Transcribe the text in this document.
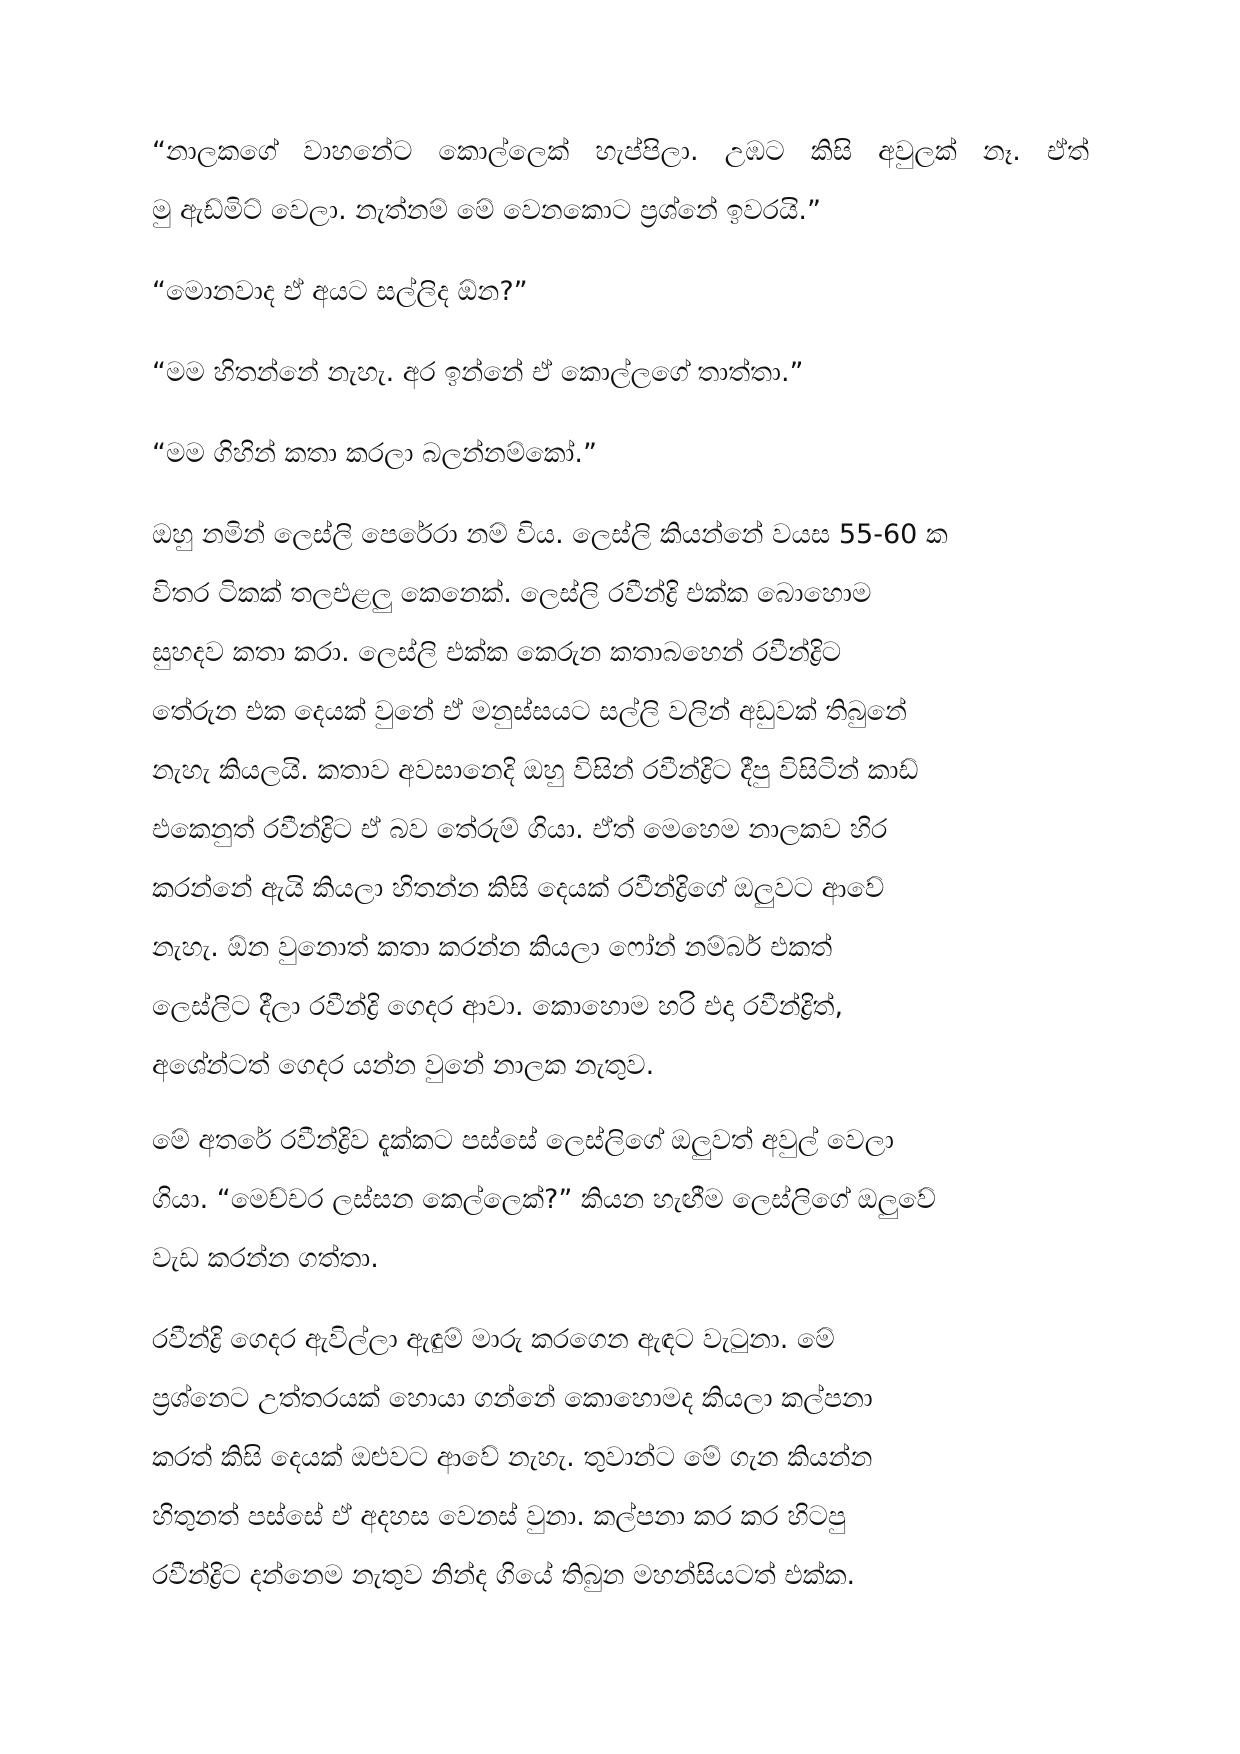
“නාලකගේ වාහනේට කොල්ලෙක් හැප්පිලා. උඹට කිසි අවුලක් නෑ. ඒත්
මු ඇඩ්මිට් වෙලා. නැත්නම් මේ වෙනකොට ප්‍රශ්නේ ඉවරයි.”

“මොනවාද ඒ අයට සල්ලිද ඕන?”

“මම හිතන්නේ නැහැ. අර ඉන්නේ ඒ කොල්ලගේ තාත්තා.”

“මම ගිහින් කතා කරලා බලන්නම්කෝ.”

ඔහු නමින් ලෙස්ලි පෙරේරා නම් විය. ලෙස්ලි කියන්නේ වයස 55-60 ක
විතර ටිකක් තලඑළලු කෙනෙක්. ලෙස්ලි රවීන්ද්‍රි එක්ක බොහොම
සුහදව කතා කරා. ලෙස්ලි එක්ක කෙරුන කතාබහෙන් රවීන්ද්‍රිට
තේරුන එක දෙයක් වුනේ ඒ මනුස්සයට සල්ලි වලින් අඩුවක් තිබුනේ
නැහැ කියලයි. කතාව අවසානෙදි ඔහු විසින් රවීන්ද්‍රිට දීපු විසිටින් කාඩ්
එකෙනුත් රවීන්ද්‍රිට ඒ බව තේරුම් ගියා. ඒත් මෙහෙම නාලකව හිර
කරන්නේ ඇයි කියලා හිතන්න කිසි දෙයක් රවීන්ද්‍රිගේ ඔලුවට ආවේ
නැහැ. ඕන වුනොත් කතා කරන්න කියලා ෆෝන් නම්බර් එකත්
ලෙස්ලිට දීලා රවීන්ද්‍රි ගෙදර ආවා. කොහොම හරි එදා රවීන්ද්‍රිත්,
අශේන්ටත් ගෙදර යන්න වුනේ නාලක නැතුව.

මේ අතරේ රවීන්ද්‍රිව දැක්කට පස්සේ ලෙස්ලිගේ ඔලුවත් අවුල් වෙලා
ගියා. “මෙච්චර ලස්සන කෙල්ලෙක්?” කියන හැඟීම ලෙස්ලිගේ ඔලුවේ
වැඩ කරන්න ගත්තා.

රවීන්ද්‍රි ගෙදර ඇවිල්ලා ඇඳුම් මාරු කරගෙන ඇඳට වැටුනා. මේ
ප්‍රශ්නෙට උත්තරයක් හොයා ගන්නේ කොහොමද කියලා කල්පනා
කරත් කිසි දෙයක් ඔළුවට ආවේ නැහැ. තුවාන්ට මේ ගැන කියන්න
හිතුනත් පස්සේ ඒ අදහස වෙනස් වුනා. කල්පනා කර කර හිටපු
රවීන්ද්‍රිට දන්නෙම නැතුව නින්ද ගියේ තිබුන මහන්සියටත් එක්ක.
